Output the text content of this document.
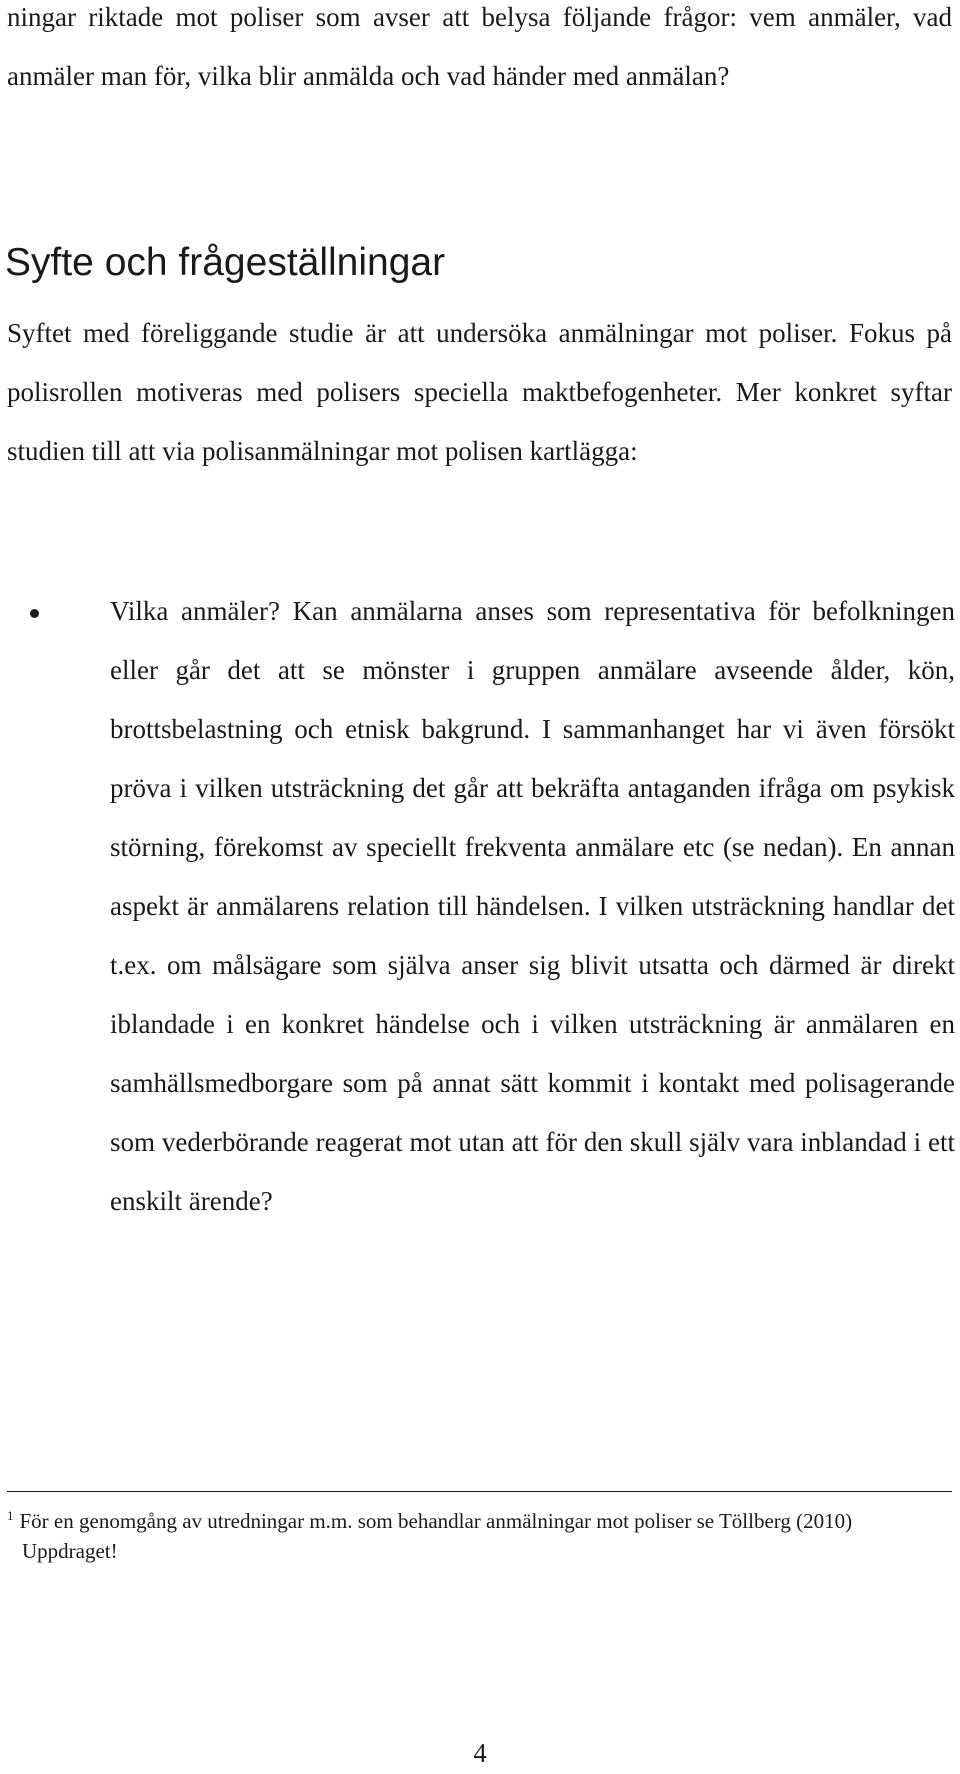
ningar riktade mot poliser som avser att belysa följande frågor: vem anmäler, vad anmäler man för, vilka blir anmälda och vad händer med anmälan?

Syfte och frågeställningar

Syftet med föreliggande studie är att undersöka anmälningar mot poliser. Fokus på polisrollen motiveras med polisers speciella maktbefogenheter. Mer konkret syftar studien till att via polisanmälningar mot polisen kartlägga:

Vilka anmäler? Kan anmälarna anses som representativa för befolkningen eller går det att se mönster i gruppen anmälare avseende ålder, kön, brottsbelastning och etnisk bakgrund. I sammanhanget har vi även försökt pröva i vilken utsträckning det går att bekräfta antaganden ifråga om psykisk störning, förekomst av speciellt frekventa anmälare etc (se nedan). En annan aspekt är anmälarens relation till händelsen. I vilken utsträckning handlar det t.ex. om målsägare som själva anser sig blivit utsatta och därmed är direkt iblandade i en konkret händelse och i vilken utsträckning är anmälaren en samhällsmedborgare som på annat sätt kommit i kontakt med polisagerande som vederbörande reagerat mot utan att för den skull själv vara inblandad i ett enskilt ärende?
$^1$ För en genomgång av utredningar m.m. som behandlar anmälningar mot poliser se Töllberg (2010)
Uppdraget!
4
